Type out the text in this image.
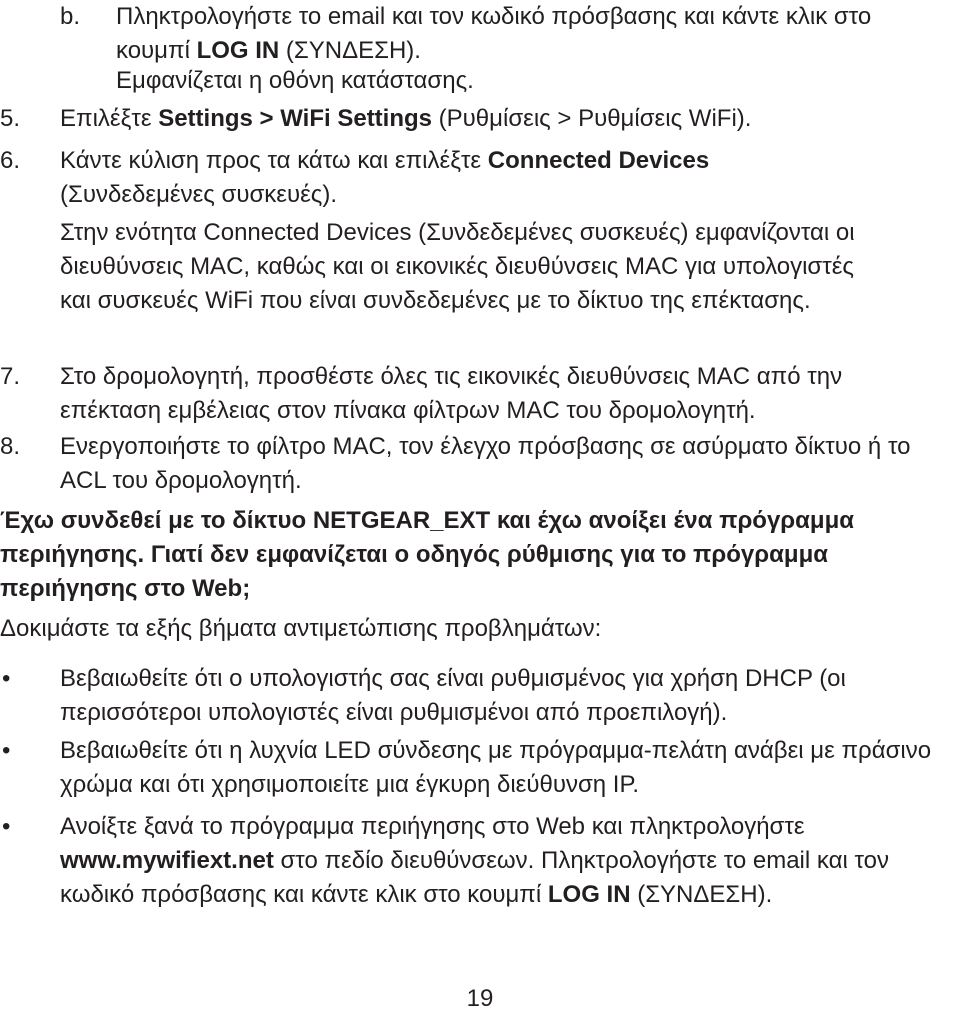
b.	Πληκτρολογήστε το email και τον κωδικό πρόσβασης και κάντε κλικ στο κουμπί LOG IN (ΣΥΝΔΕΣΗ).
Εμφανίζεται η οθόνη κατάστασης.
5.	Επιλέξτε Settings > WiFi Settings (Ρυθμίσεις > Ρυθμίσεις WiFi).
6.	Κάντε κύλιση προς τα κάτω και επιλέξτε Connected Devices (Συνδεδεμένες συσκευές).
Στην ενότητα Connected Devices (Συνδεδεμένες συσκευές) εμφανίζονται οι διευθύνσεις MAC, καθώς και οι εικονικές διευθύνσεις MAC για υπολογιστές και συσκευές WiFi που είναι συνδεδεμένες με το δίκτυο της επέκτασης.
7.	Στο δρομολογητή, προσθέστε όλες τις εικονικές διευθύνσεις MAC από την επέκταση εμβέλειας στον πίνακα φίλτρων MAC του δρομολογητή.
8.	Ενεργοποιήστε το φίλτρο MAC, τον έλεγχο πρόσβασης σε ασύρματο δίκτυο ή το ACL του δρομολογητή.
Έχω συνδεθεί με το δίκτυο NETGEAR_EXT και έχω ανοίξει ένα πρόγραμμα περιήγησης. Γιατί δεν εμφανίζεται ο οδηγός ρύθμισης για το πρόγραμμα περιήγησης στο Web;
Δοκιμάστε τα εξής βήματα αντιμετώπισης προβλημάτων:
•	Βεβαιωθείτε ότι ο υπολογιστής σας είναι ρυθμισμένος για χρήση DHCP (οι περισσότεροι υπολογιστές είναι ρυθμισμένοι από προεπιλογή).
•	Βεβαιωθείτε ότι η λυχνία LED σύνδεσης με πρόγραμμα-πελάτη ανάβει με πράσινο χρώμα και ότι χρησιμοποιείτε μια έγκυρη διεύθυνση IP.
•	Ανοίξτε ξανά το πρόγραμμα περιήγησης στο Web και πληκτρολογήστε www.mywifiext.net στο πεδίο διευθύνσεων. Πληκτρολογήστε το email και τον κωδικό πρόσβασης και κάντε κλικ στο κουμπί LOG IN (ΣΥΝΔΕΣΗ).
19
